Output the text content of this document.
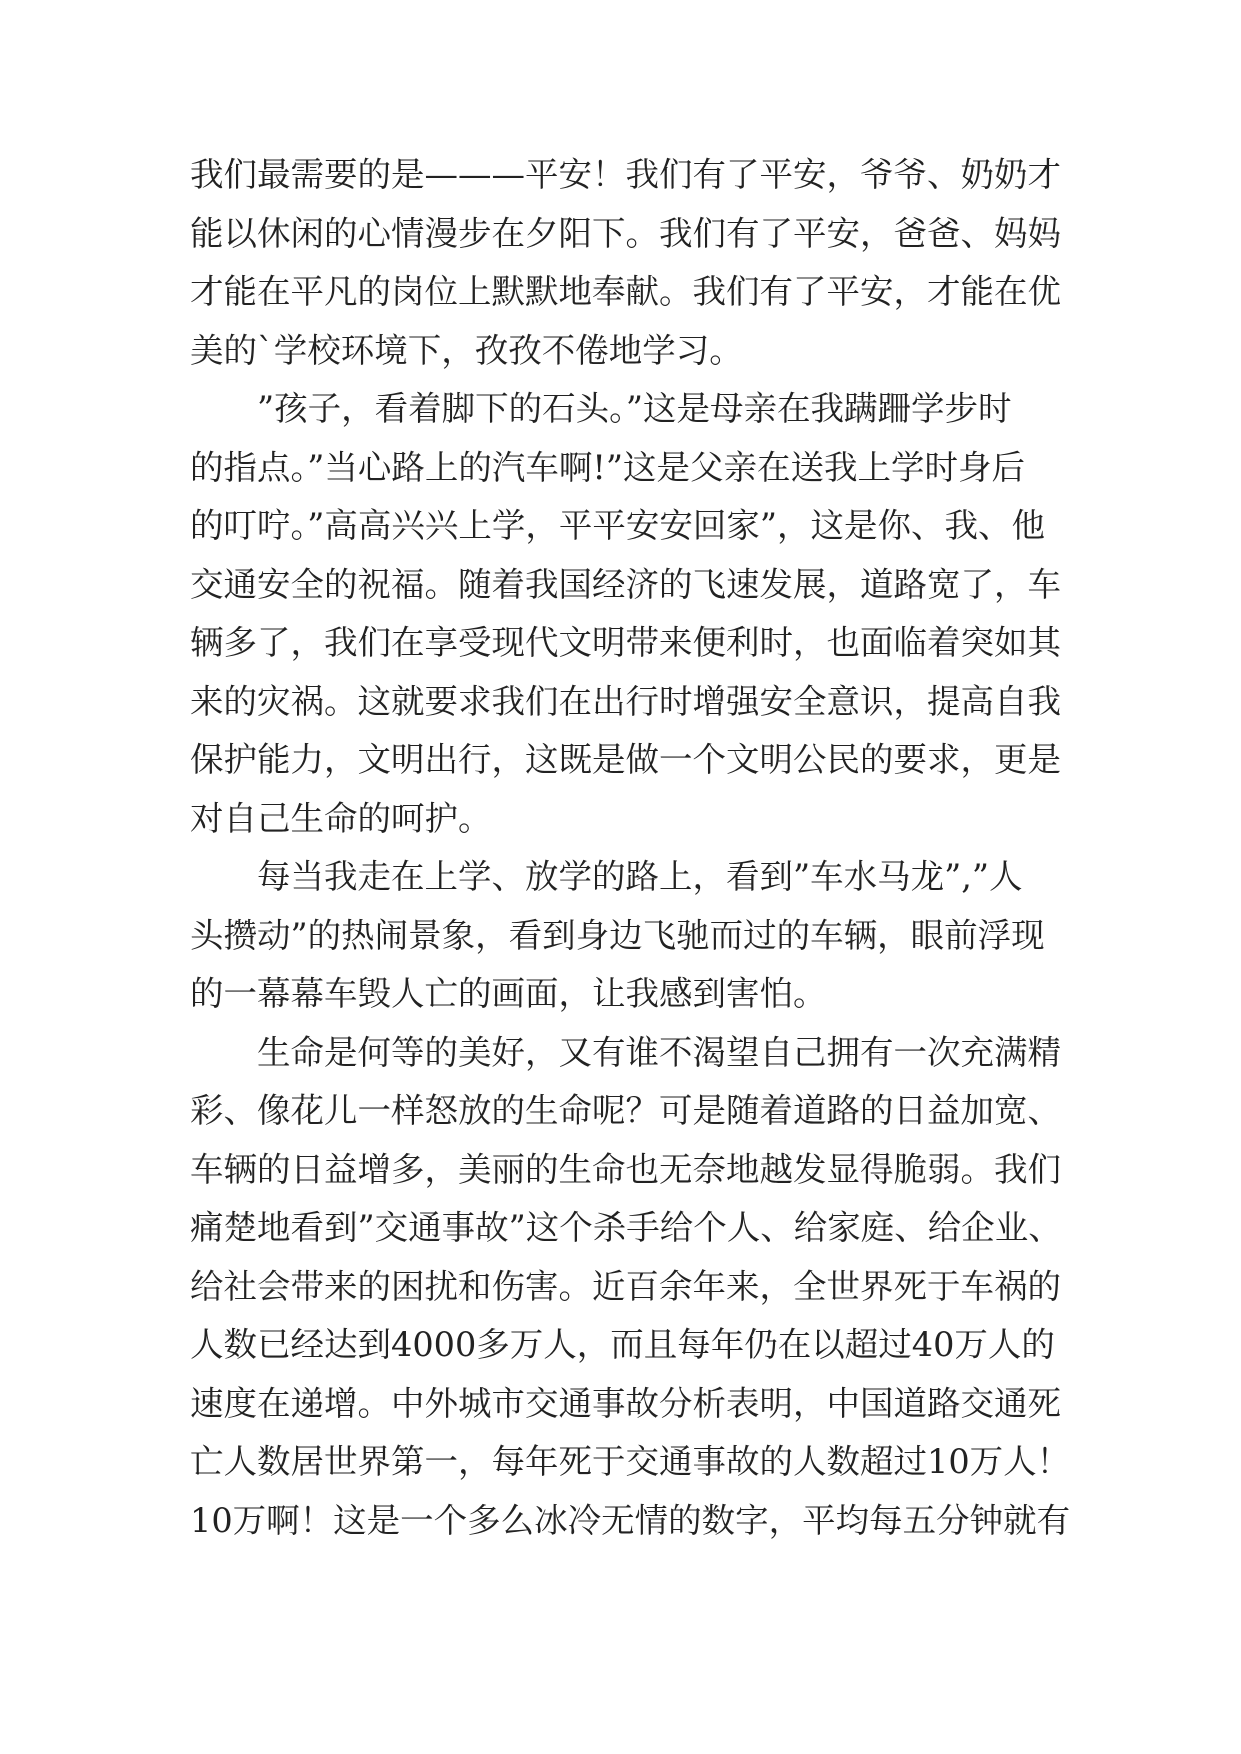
我们最需要的是———平安！我们有了平安，爷爷、奶奶才
能以休闲的心情漫步在夕阳下。我们有了平安，爸爸、妈妈
才能在平凡的岗位上默默地奉献。我们有了平安，才能在优
美的`学校环境下，孜孜不倦地学习。
”孩子，看着脚下的石头。”这是母亲在我蹒跚学步时
的指点。”当心路上的汽车啊!”这是父亲在送我上学时身后
的叮咛。”高高兴兴上学，平平安安回家”，这是你、我、他
交通安全的祝福。随着我国经济的飞速发展，道路宽了，车
辆多了，我们在享受现代文明带来便利时，也面临着突如其
来的灾祸。这就要求我们在出行时增强安全意识，提高自我
保护能力，文明出行，这既是做一个文明公民的要求，更是
对自己生命的呵护。
每当我走在上学、放学的路上，看到”车水马龙”,”人
头攒动”的热闹景象，看到身边飞驰而过的车辆，眼前浮现
的一幕幕车毁人亡的画面，让我感到害怕。
生命是何等的美好，又有谁不渴望自己拥有一次充满精
彩、像花儿一样怒放的生命呢？可是随着道路的日益加宽、
车辆的日益增多，美丽的生命也无奈地越发显得脆弱。我们
痛楚地看到”交通事故”这个杀手给个人、给家庭、给企业、
给社会带来的困扰和伤害。近百余年来，全世界死于车祸的
人数已经达到4000多万人，而且每年仍在以超过40万人的
速度在递增。中外城市交通事故分析表明，中国道路交通死
亡人数居世界第一，每年死于交通事故的人数超过10万人！
10万啊！这是一个多么冰冷无情的数字，平均每五分钟就有
